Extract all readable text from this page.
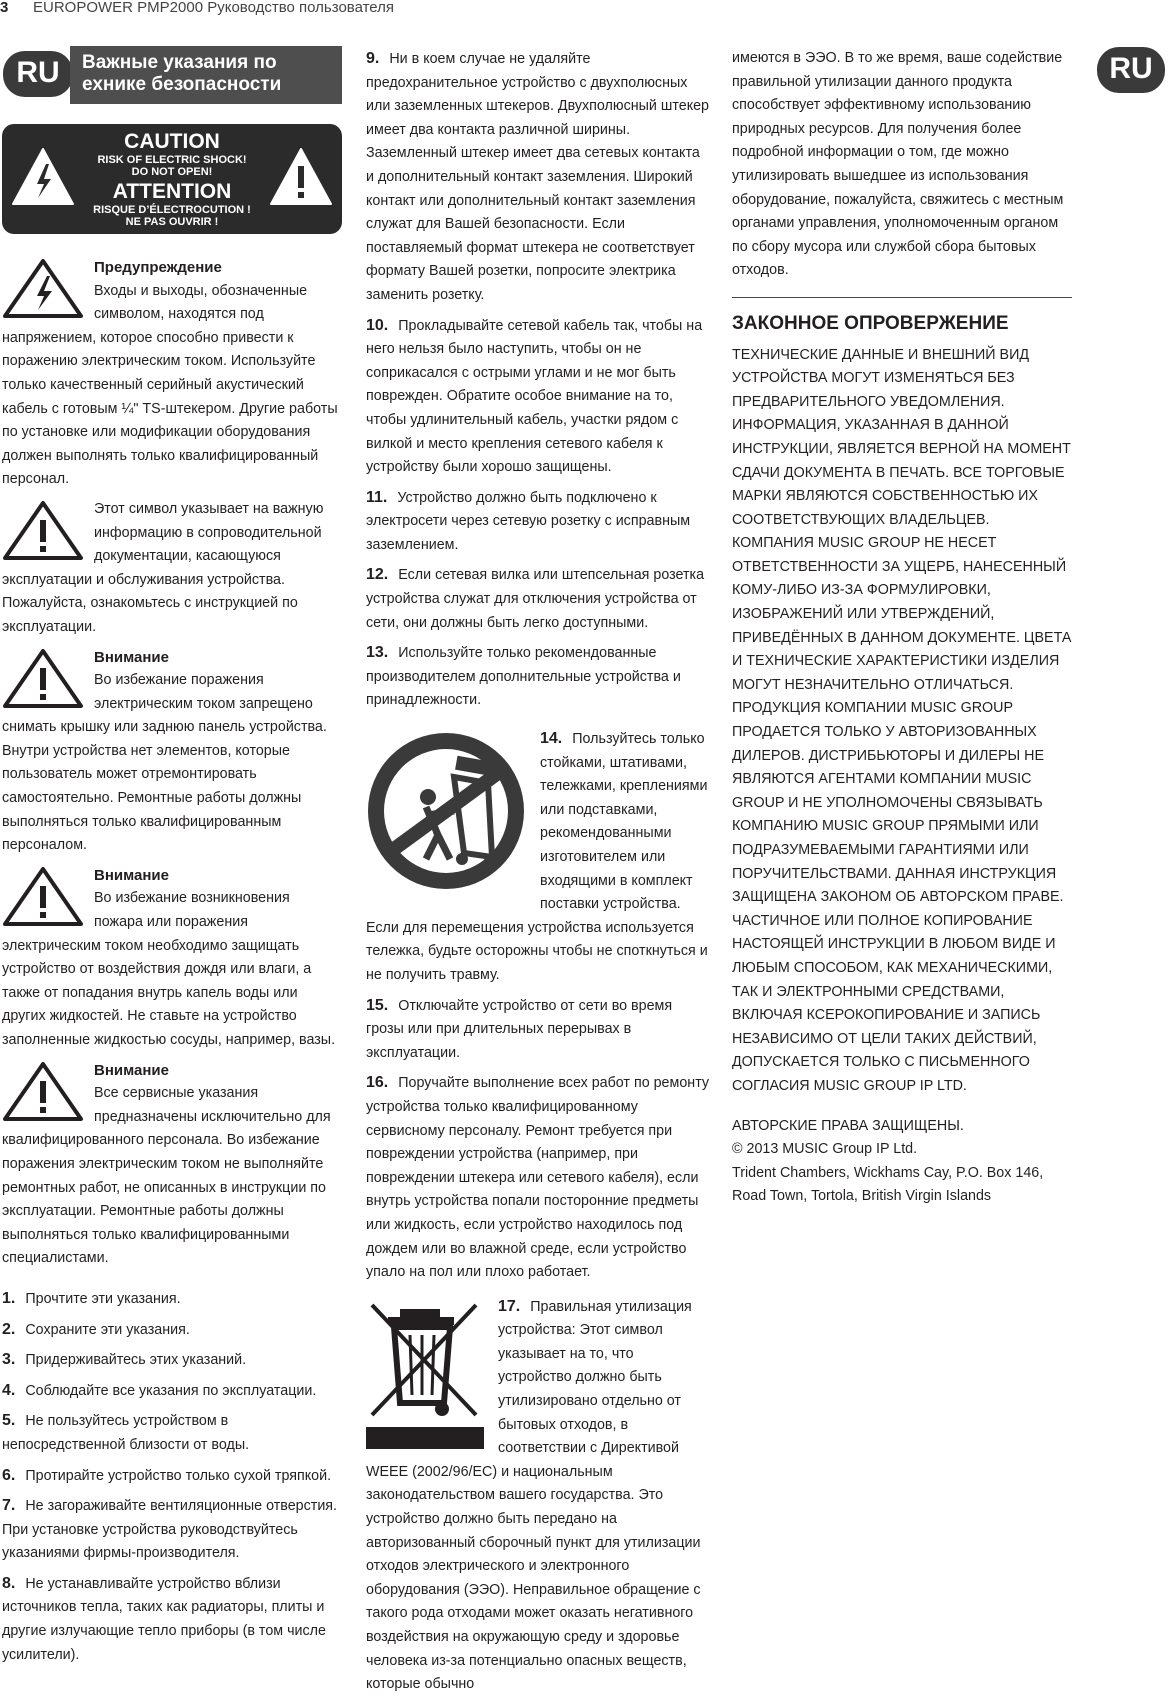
3 EUROPOWER PMP2000 Руководство пользователя
RU	RU
Важные указания по
ехнике безопасности
CAUTION
RISK OF ELECTRIC SHOCK!
DO NOT OPEN!
ATTENTION
RISQUE D’ÉLECTROCUTION !
NE PAS OUVRIR !
Предупреждение

Входы и выходы, обозначенные символом, находятся под напряжением, которое способно привести к поражению электрическим током. Используйте только качественный серийный акустический кабель с готовым ¼" TS-штекером. Другие работы по установке или модификации оборудования должен выполнять только квалифицированный персонал.

Этот символ указывает на важную информацию в сопроводительной документации, касающуюся эксплуатации и обслуживания устройства. Пожалуйста, ознакомьтесь с инструкцией по эксплуатации.

Внимание

Во избежание поражения электрическим током запрещено снимать крышку или заднюю панель устройства. Внутри устройства нет элементов, которые пользователь может отремонтировать самостоятельно. Ремонтные работы должны выполняться только квалифицированным персоналом.

Внимание

Во избежание возникновения пожара или поражения электрическим током необходимо защищать устройство от воздействия дождя или влаги, а также от попадания внутрь капель воды или других жидкостей. Не ставьте на устройство заполненные жидкостью сосуды, например, вазы.

Внимание

Все сервисные указания предназначены исключительно для квалифицированного персонала. Во избежание поражения электрическим током не выполняйте ремонтных работ, не описанных в инструкции по эксплуатации. Ремонтные работы должны выполняться только квалифицированными специалистами.

1. Прочтите эти указания.
2. Сохраните эти указания.
3. Придерживайтесь этих указаний.
4. Соблюдайте все указания по эксплуатации.
5. Не пользуйтесь устройством в непосредственной близости от воды.
6. Протирайте устройство только сухой тряпкой.
7. Не загораживайте вентиляционные отверстия. При установке устройства руководствуйтесь указаниями фирмы-производителя.
8. Не устанавливайте устройство вблизи источников тепла, таких как радиаторы, плиты и другие излучающие тепло приборы (в том числе усилители).
9. Ни в коем случае не удаляйте предохранительное устройство с двухполюсных или заземленных штекеров. Двухполюсный штекер имеет два контакта различной ширины. Заземленный штекер имеет два сетевых контакта и дополнительный контакт заземления. Широкий контакт или дополнительный контакт заземления служат для Вашей безопасности. Если поставляемый формат штекера не соответствует формату Вашей розетки, попросите электрика заменить розетку.
10. Прокладывайте сетевой кабель так, чтобы на него нельзя было наступить, чтобы он не соприкасался с острыми углами и не мог быть поврежден. Обратите особое внимание на то, чтобы удлинительный кабель, участки рядом с вилкой и место крепления сетевого кабеля к устройству были хорошо защищены.
11. Устройство должно быть подключено к электросети через сетевую розетку с исправным заземлением.
12. Если сетевая вилка или штепсельная розетка устройства служат для отключения устройства от сети, они должны быть легко доступными.
13. Используйте только рекомендованные производителем дополнительные устройства и принадлежности.
14. Пользуйтесь только стойками, штативами, тележками, креплениями или подставками, рекомендованными изготовителем или входящими в комплект поставки устройства. Если для перемещения устройства используется тележка, будьте осторожны чтобы не споткнуться и не получить травму.
15. Отключайте устройство от сети во время грозы или при длительных перерывах в эксплуатации.
16. Поручайте выполнение всех работ по ремонту устройства только квалифицированному сервисному персоналу. Ремонт требуется при повреждении устройства (например, при повреждении штекера или сетевого кабеля), если внутрь устройства попали посторонние предметы или жидкость, если устройство находилось под дождем или во влажной среде, если устройство упало на пол или плохо работает.
17. Правильная утилизация устройства: Этот символ указывает на то, что устройство должно быть утилизировано отдельно от бытовых отходов, в соответствии с Директивой WEEE (2002/96/EC) и национальным законодательством вашего государства. Это устройство должно быть передано на авторизованный сборочный пункт для утилизации отходов электрического и электронного оборудования (ЭЭО). Неправильное обращение с такого рода отходами может оказать негативного воздействия на окружающую среду и здоровье человека из-за потенциально опасных веществ, которые обычно

имеются в ЭЭО. В то же время, ваше содействие правильной утилизации данного продукта способствует эффективному использованию природных ресурсов. Для получения более подробной информации о том, где можно утилизировать вышедшее из использования оборудование, пожалуйста, свяжитесь с местным органами управления, уполномоченным органом по сбору мусора или службой сбора бытовых отходов.

ЗАКОННОЕ ОПРОВЕРЖЕНИЕ

ТЕХНИЧЕСКИЕ ДАННЫЕ И ВНЕШНИЙ ВИД УСТРОЙСТВА МОГУТ ИЗМЕНЯТЬСЯ БЕЗ ПРЕДВАРИТЕЛЬНОГО УВЕДОМЛЕНИЯ. ИНФОРМАЦИЯ, УКАЗАННАЯ В ДАННОЙ ИНСТРУКЦИИ, ЯВЛЯЕТСЯ ВЕРНОЙ НА МОМЕНТ СДАЧИ ДОКУМЕНТА В ПЕЧАТЬ. ВСЕ ТОРГОВЫЕ МАРКИ ЯВЛЯЮТСЯ СОБСТВЕННОСТЬЮ ИХ СООТВЕТСТВУЮЩИХ ВЛАДЕЛЬЦЕВ. КОМПАНИЯ MUSIC GROUP НЕ НЕСЕТ ОТВЕТСТВЕННОСТИ ЗА УЩЕРБ, НАНЕСЕННЫЙ КОМУ-ЛИБО ИЗ-ЗА ФОРМУЛИРОВКИ, ИЗОБРАЖЕНИЙ ИЛИ УТВЕРЖДЕНИЙ, ПРИВЕДЁННЫХ В ДАННОМ ДОКУМЕНТЕ. ЦВЕТА И ТЕХНИЧЕСКИЕ ХАРАКТЕРИСТИКИ ИЗДЕЛИЯ МОГУТ НЕЗНАЧИТЕЛЬНО ОТЛИЧАТЬСЯ. ПРОДУКЦИЯ КОМПАНИИ MUSIC GROUP ПРОДАЕТСЯ ТОЛЬКО У АВТОРИЗОВАННЫХ ДИЛЕРОВ. ДИСТРИБЬЮТОРЫ И ДИЛЕРЫ НЕ ЯВЛЯЮТСЯ АГЕНТАМИ КОМПАНИИ MUSIC GROUP И НЕ УПОЛНОМОЧЕНЫ СВЯЗЫВАТЬ КОМПАНИЮ MUSIC GROUP ПРЯМЫМИ ИЛИ ПОДРАЗУМЕВАЕМЫМИ ГАРАНТИЯМИ ИЛИ ПОРУЧИТЕЛЬСТВАМИ. ДАННАЯ ИНСТРУКЦИЯ ЗАЩИЩЕНА ЗАКОНОМ ОБ АВТОРСКОМ ПРАВЕ. ЧАСТИЧНОЕ ИЛИ ПОЛНОЕ КОПИРОВАНИЕ НАСТОЯЩЕЙ ИНСТРУКЦИИ В ЛЮБОМ ВИДЕ И ЛЮБЫМ СПОСОБОМ, КАК МЕХАНИЧЕСКИМИ, ТАК И ЭЛЕКТРОННЫМИ СРЕДСТВАМИ, ВКЛЮЧАЯ КСЕРОКОПИРОВАНИЕ И ЗАПИСЬ НЕЗАВИСИМО ОТ ЦЕЛИ ТАКИХ ДЕЙСТВИЙ, ДОПУСКАЕТСЯ ТОЛЬКО С ПИСЬМЕННОГО СОГЛАСИЯ MUSIC GROUP IP LTD.

АВТОРСКИЕ ПРАВА ЗАЩИЩЕНЫ.

© 2013 MUSIC Group IP Ltd.

Trident Chambers, Wickhams Cay, P.O. Box 146,

Road Town, Tortola, British Virgin Islands
